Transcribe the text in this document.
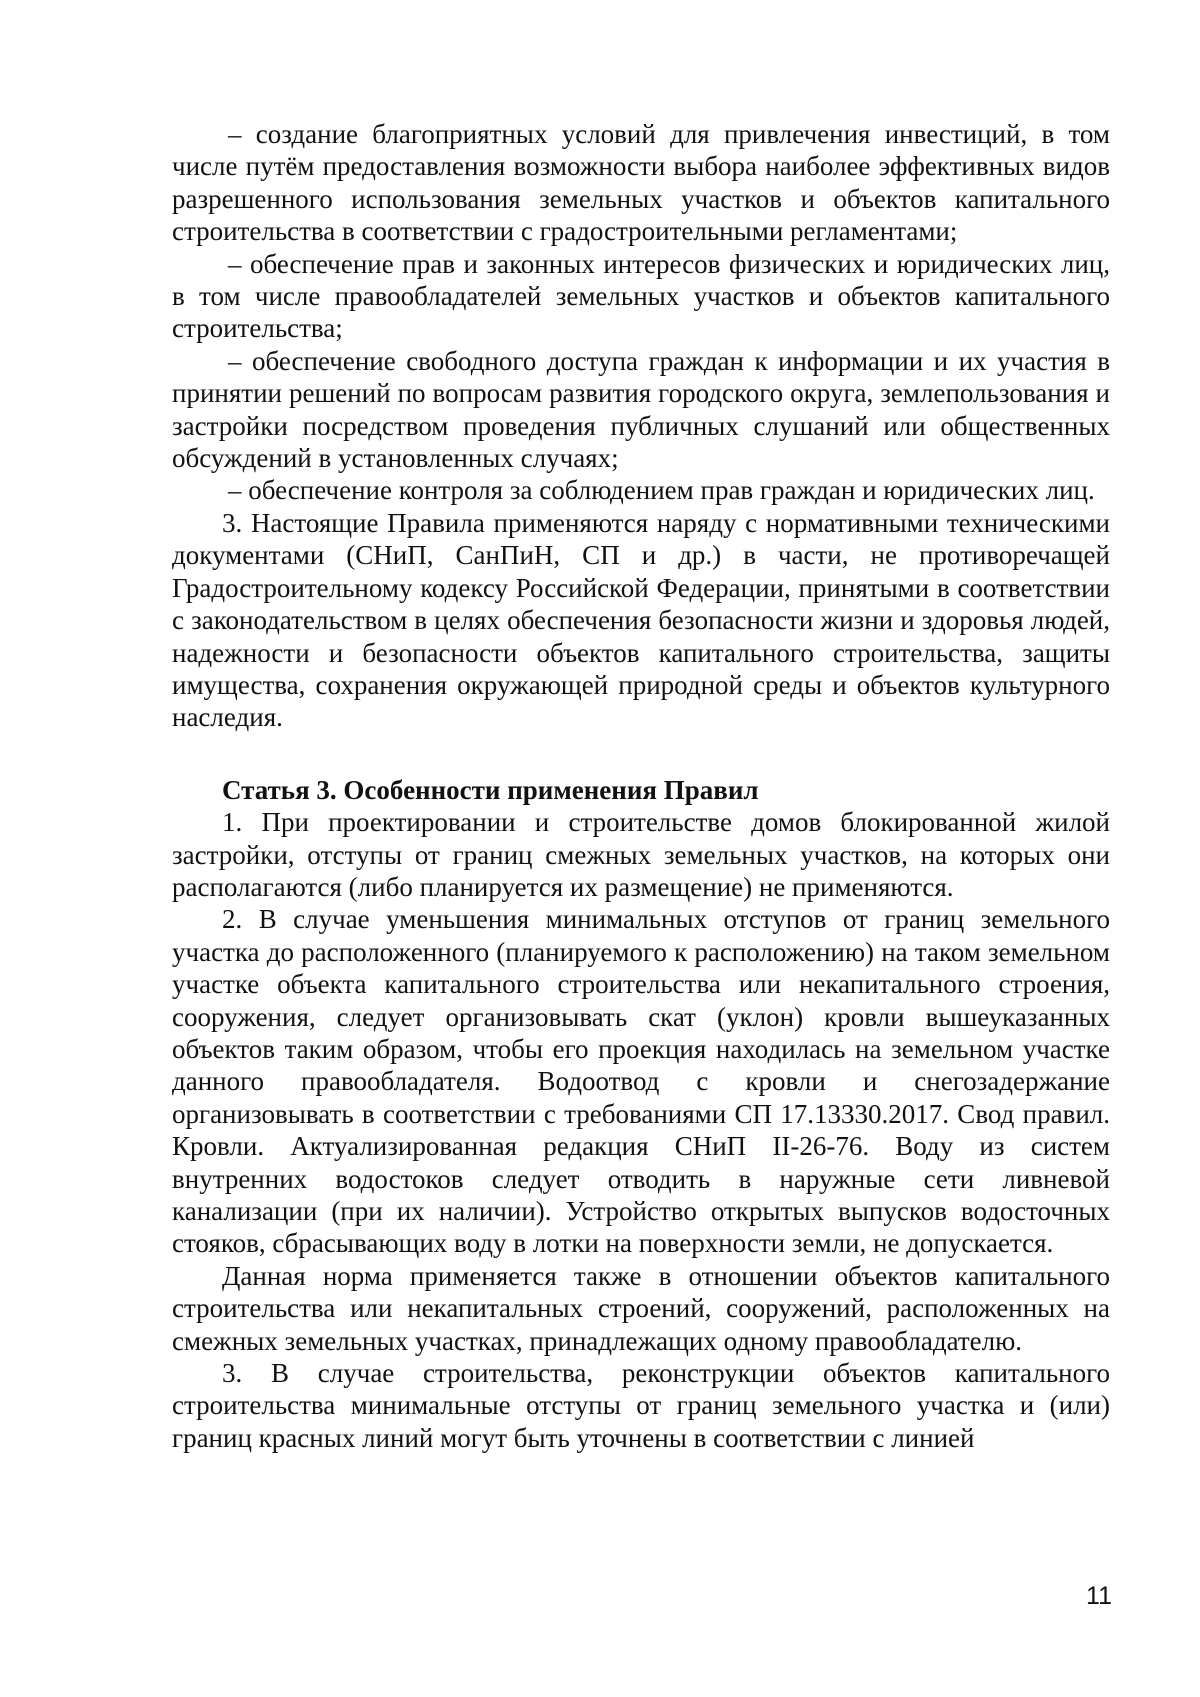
– создание благоприятных условий для привлечения инвестиций, в том числе путём предоставления возможности выбора наиболее эффективных видов разрешенного использования земельных участков и объектов капитального строительства в соответствии с градостроительными регламентами;

– обеспечение прав и законных интересов физических и юридических лиц, в том числе правообладателей земельных участков и объектов капитального строительства;

– обеспечение свободного доступа граждан к информации и их участия в принятии решений по вопросам развития городского округа, землепользования и застройки посредством проведения публичных слушаний или общественных обсуждений в установленных случаях;

– обеспечение контроля за соблюдением прав граждан и юридических лиц.

3. Настоящие Правила применяются наряду с нормативными техническими документами (СНиП, СанПиН, СП и др.) в части, не противоречащей Градостроительному кодексу Российской Федерации, принятыми в соответствии с законодательством в целях обеспечения безопасности жизни и здоровья людей, надежности и безопасности объектов капитального строительства, защиты имущества, сохранения окружающей природной среды и объектов культурного наследия.

Статья 3. Особенности применения Правил

1. При проектировании и строительстве домов блокированной жилой застройки, отступы от границ смежных земельных участков, на которых они располагаются (либо планируется их размещение) не применяются.

2. В случае уменьшения минимальных отступов от границ земельного участка до расположенного (планируемого к расположению) на таком земельном участке объекта капитального строительства или некапитального строения, сооружения, следует организовывать скат (уклон) кровли вышеуказанных объектов таким образом, чтобы его проекция находилась на земельном участке данного правообладателя. Водоотвод с кровли и снегозадержание организовывать в соответствии с требованиями СП 17.13330.2017. Свод правил. Кровли. Актуализированная редакция СНиП II-26-76. Воду из систем внутренних водостоков следует отводить в наружные сети ливневой канализации (при их наличии). Устройство открытых выпусков водосточных стояков, сбрасывающих воду в лотки на поверхности земли, не допускается.

Данная норма применяется также в отношении объектов капитального строительства или некапитальных строений, сооружений, расположенных на смежных земельных участках, принадлежащих одному правообладателю.

3. В случае строительства, реконструкции объектов капитального строительства минимальные отступы от границ земельного участка и (или) границ красных линий могут быть уточнены в соответствии с линией

11
